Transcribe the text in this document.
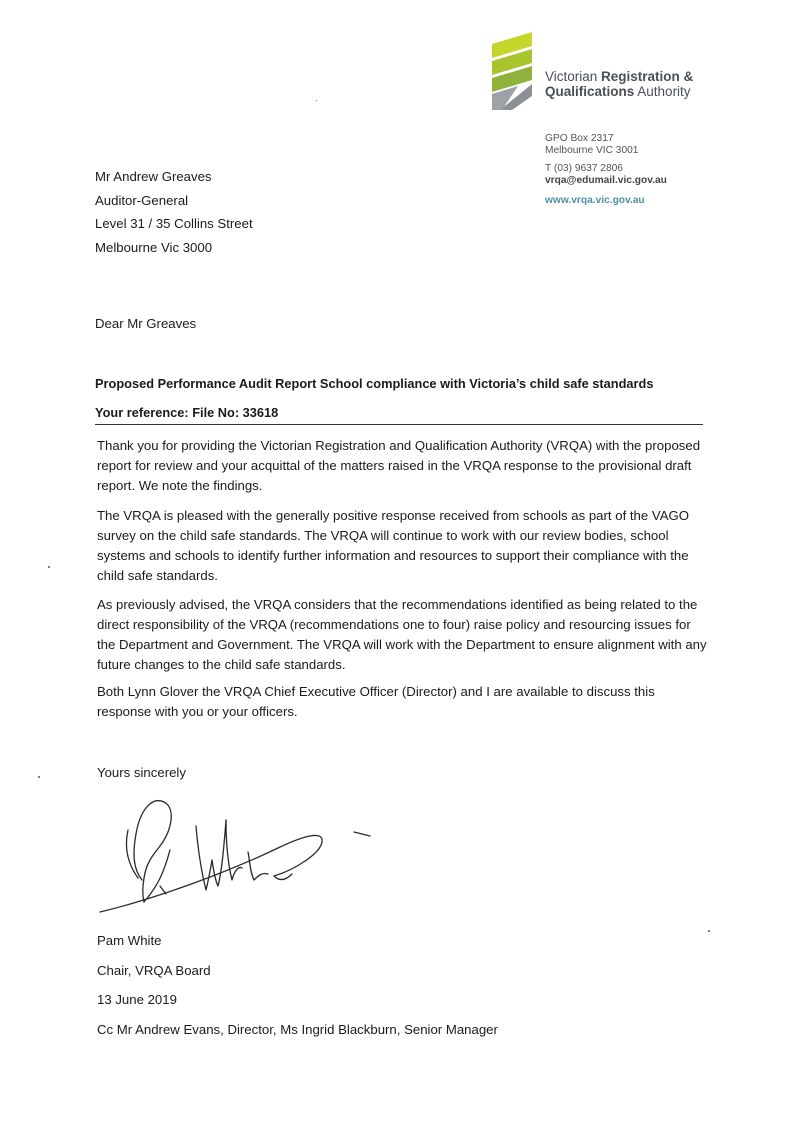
Victorian Registration &
Qualifications Authority
GPO Box 2317
Melbourne VIC 3001
T (03) 9637 2806
vrqa@edumail.vic.gov.au
www.vrqa.vic.gov.au
Mr Andrew Greaves
Auditor-General
Level 31 / 35 Collins Street
Melbourne Vic 3000
Dear Mr Greaves
Proposed Performance Audit Report School compliance with Victoria’s child safe standards
Your reference: File No: 33618
Thank you for providing the Victorian Registration and Qualification Authority (VRQA) with the proposed report for review and your acquittal of the matters raised in the VRQA response to the provisional draft report. We note the findings.
The VRQA is pleased with the generally positive response received from schools as part of the VAGO survey on the child safe standards. The VRQA will continue to work with our review bodies, school systems and schools to identify further information and resources to support their compliance with the child safe standards.
As previously advised, the VRQA considers that the recommendations identified as being related to the direct responsibility of the VRQA (recommendations one to four) raise policy and resourcing issues for the Department and Government. The VRQA will work with the Department to ensure alignment with any future changes to the child safe standards.
Both Lynn Glover the VRQA Chief Executive Officer (Director) and I are available to discuss this response with you or your officers.
Yours sincerely
Pam White
Chair, VRQA Board
13 June 2019
Cc Mr Andrew Evans, Director, Ms Ingrid Blackburn, Senior Manager
